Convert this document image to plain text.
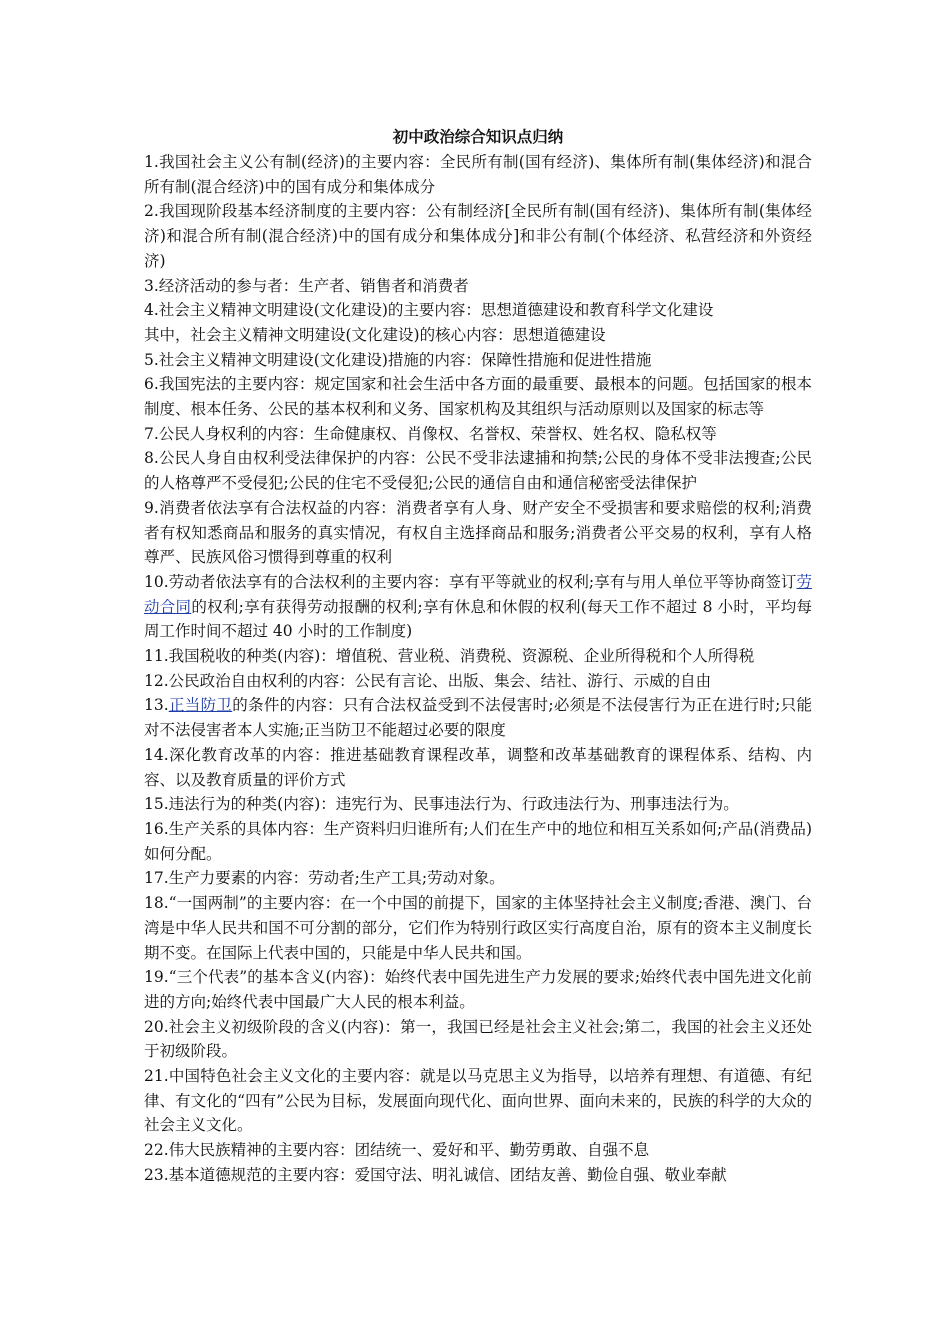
初中政治综合知识点归纳

1.我国社会主义公有制(经济)的主要内容：全民所有制(国有经济)、集体所有制(集体经济)和混合所有制(混合经济)中的国有成分和集体成分

2.我国现阶段基本经济制度的主要内容：公有制经济[全民所有制(国有经济)、集体所有制(集体经济)和混合所有制(混合经济)中的国有成分和集体成分]和非公有制(个体经济、私营经济和外资经济)

3.经济活动的参与者：生产者、销售者和消费者

4.社会主义精神文明建设(文化建设)的主要内容：思想道德建设和教育科学文化建设

其中，社会主义精神文明建设(文化建设)的核心内容：思想道德建设

5.社会主义精神文明建设(文化建设)措施的内容：保障性措施和促进性措施

6.我国宪法的主要内容：规定国家和社会生活中各方面的最重要、最根本的问题。包括国家的根本制度、根本任务、公民的基本权利和义务、国家机构及其组织与活动原则以及国家的标志等

7.公民人身权利的内容：生命健康权、肖像权、名誉权、荣誉权、姓名权、隐私权等

8.公民人身自由权利受法律保护的内容：公民不受非法逮捕和拘禁;公民的身体不受非法搜查;公民的人格尊严不受侵犯;公民的住宅不受侵犯;公民的通信自由和通信秘密受法律保护

9.消费者依法享有合法权益的内容：消费者享有人身、财产安全不受损害和要求赔偿的权利;消费者有权知悉商品和服务的真实情况，有权自主选择商品和服务;消费者公平交易的权利，享有人格尊严、民族风俗习惯得到尊重的权利

10.劳动者依法享有的合法权利的主要内容：享有平等就业的权利;享有与用人单位平等协商签订劳动合同的权利;享有获得劳动报酬的权利;享有休息和休假的权利(每天工作不超过 8 小时，平均每周工作时间不超过 40 小时的工作制度)

11.我国税收的种类(内容)：增值税、营业税、消费税、资源税、企业所得税和个人所得税

12.公民政治自由权利的内容：公民有言论、出版、集会、结社、游行、示威的自由

13.正当防卫的条件的内容：只有合法权益受到不法侵害时;必须是不法侵害行为正在进行时;只能对不法侵害者本人实施;正当防卫不能超过必要的限度

14.深化教育改革的内容：推进基础教育课程改革，调整和改革基础教育的课程体系、结构、内容、以及教育质量的评价方式

15.违法行为的种类(内容)：违宪行为、民事违法行为、行政违法行为、刑事违法行为。

16.生产关系的具体内容：生产资料归归谁所有;人们在生产中的地位和相互关系如何;产品(消费品)如何分配。

17.生产力要素的内容：劳动者;生产工具;劳动对象。

18.“一国两制”的主要内容：在一个中国的前提下，国家的主体坚持社会主义制度;香港、澳门、台湾是中华人民共和国不可分割的部分，它们作为特别行政区实行高度自治，原有的资本主义制度长期不变。在国际上代表中国的，只能是中华人民共和国。

19.“三个代表”的基本含义(内容)：始终代表中国先进生产力发展的要求;始终代表中国先进文化前进的方向;始终代表中国最广大人民的根本利益。

20.社会主义初级阶段的含义(内容)：第一，我国已经是社会主义社会;第二，我国的社会主义还处于初级阶段。

21.中国特色社会主义文化的主要内容：就是以马克思主义为指导，以培养有理想、有道德、有纪律、有文化的“四有”公民为目标，发展面向现代化、面向世界、面向未来的，民族的科学的大众的社会主义文化。

22.伟大民族精神的主要内容：团结统一、爱好和平、勤劳勇敢、自强不息

23.基本道德规范的主要内容：爱国守法、明礼诚信、团结友善、勤俭自强、敬业奉献
